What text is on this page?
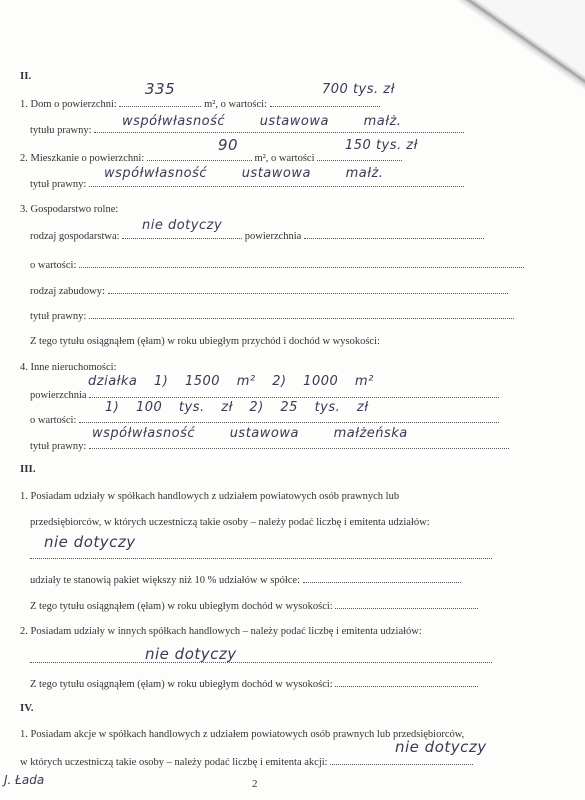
II.
1. Dom o powierzchni:	m², o wartości:
335	700 tys. zł
tytułu prawny:
współwłasność ustawowa małż.
2. Mieszkanie o powierzchni:	m², o wartości
90	150 tys. zł
tytuł prawny:
współwłasność ustawowa małż.
3. Gospodarstwo rolne:
rodzaj gospodarstwa:	powierzchnia
nie dotyczy
o wartości:
rodzaj zabudowy:
tytuł prawny:
Z tego tytułu osiągnąłem (ęłam) w roku ubiegłym przychód i dochód w wysokości:
4. Inne nieruchomości:
powierzchnia
działka 1) 1500 m² 2) 1000 m²
o wartości:
1) 100 tys. zł 2) 25 tys. zł
tytuł prawny:
współwłasność ustawowa małżeńska
III.
1. Posiadam udziały w spółkach handlowych z udziałem powiatowych osób prawnych lub
przedsiębiorców, w których uczestniczą takie osoby – należy podać liczbę i emitenta udziałów:
nie dotyczy
udziały te stanowią pakiet większy niż 10 % udziałów w spółce:
Z tego tytułu osiągnąłem (ęłam) w roku ubiegłym dochód w wysokości:
2. Posiadam udziały w innych spółkach handlowych – należy podać liczbę i emitenta udziałów:
nie dotyczy
Z tego tytułu osiągnąłem (ęłam) w roku ubiegłym dochód w wysokości:
IV.
1. Posiadam akcje w spółkach handlowych z udziałem powiatowych osób prawnych lub przedsiębiorców,
w których uczestniczą takie osoby – należy podać liczbę i emitenta akcji:
nie dotyczy
J. Łada	2
